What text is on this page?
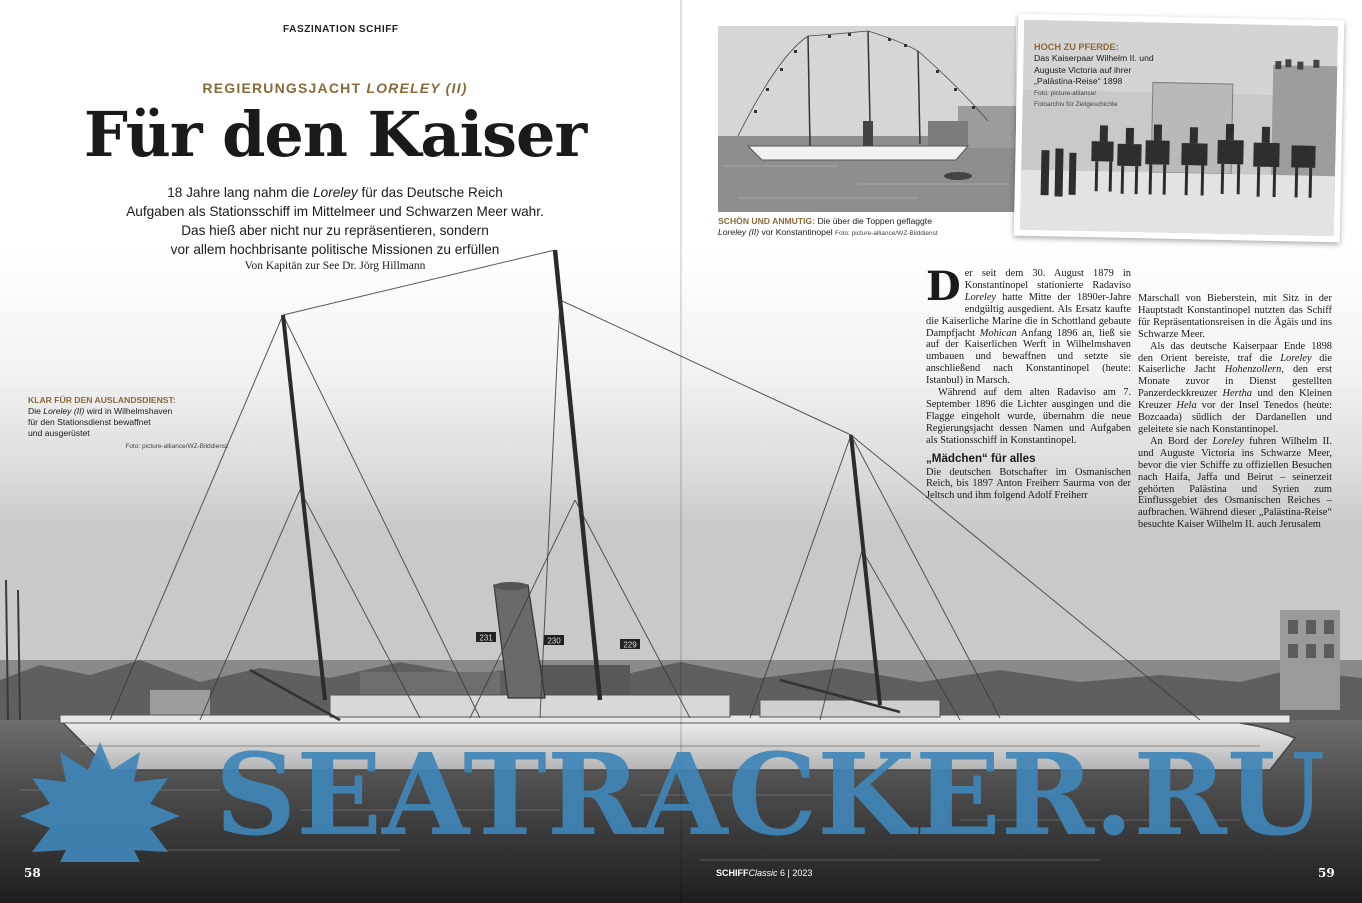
231	230	229
FASZINATION SCHIFF
REGIERUNGSJACHT LORELEY (II)
Für den Kaiser
18 Jahre lang nahm die Loreley für das Deutsche Reich
Aufgaben als Stationsschiff im Mittelmeer und Schwarzen Meer wahr.
Das hieß aber nicht nur zu repräsentieren, sondern
vor allem hochbrisante politische Missionen zu erfüllen
Von Kapitän zur See Dr. Jörg Hillmann
KLAR FÜR DEN AUSLANDSDIENST:
Die Loreley (II) wird in Wilhelmshaven
für den Stationsdienst bewaffnet
und ausgerüstet
Foto: picture-alliance/WZ-Bilddienst
SCHÖN UND ANMUTIG: Die über die Toppen geflaggte
Loreley (II) vor Konstantinopel Foto: picture-alliance/WZ-Bilddienst
HOCH ZU PFERDE:
Das Kaiserpaar Wilhelm II. und
Auguste Victoria auf ihrer
„Palästina-Reise“ 1898
Foto: picture-alliance/
Fotoarchiv für Zeitgeschichte

Der seit dem 30. August 1879 in Konstantinopel stationierte Radaviso Loreley hatte Mitte der 1890er-Jahre endgültig ausgedient. Als Ersatz kaufte die Kaiserliche Marine die in Schottland gebaute Dampfjacht Mohican Anfang 1896 an, ließ sie auf der Kaiserlichen Werft in Wilhelmshaven umbauen und bewaffnen und setzte sie anschließend nach Konstantinopel (heute: Istanbul) in Marsch.

Während auf dem alten Radaviso am 7. September 1896 die Lichter ausgingen und die Flagge eingeholt wurde, übernahm die neue Regierungsjacht dessen Namen und Aufgaben als Stationsschiff in Konstantinopel.

„Mädchen“ für alles

Die deutschen Botschafter im Osmanischen Reich, bis 1897 Anton Freiherr Saurma von der Jeltsch und ihm folgend Adolf Freiherr

Marschall von Bieberstein, mit Sitz in der Hauptstadt Konstantinopel nutzten das Schiff für Repräsentationsreisen in die Ägäis und ins Schwarze Meer.

Als das deutsche Kaiserpaar Ende 1898 den Orient bereiste, traf die Loreley die Kaiserliche Jacht Hohenzollern, den erst Monate zuvor in Dienst gestellten Panzerdeckkreuzer Hertha und den Kleinen Kreuzer Hela vor der Insel Tenedos (heute: Bozcaada) südlich der Dardanellen und geleitete sie nach Konstantinopel.

An Bord der Loreley fuhren Wilhelm II. und Auguste Victoria ins Schwarze Meer, bevor die vier Schiffe zu offiziellen Besuchen nach Haifa, Jaffa und Beirut – seinerzeit gehörten Palästina und Syrien zum Einflussgebiet des Osmanischen Reiches – aufbrachen. Während dieser „Palästina-Reise“ besuchte Kaiser Wilhelm II. auch Jerusalem

SEATRACKER.RU
58	SCHIFFClassic 6 | 2023	59
